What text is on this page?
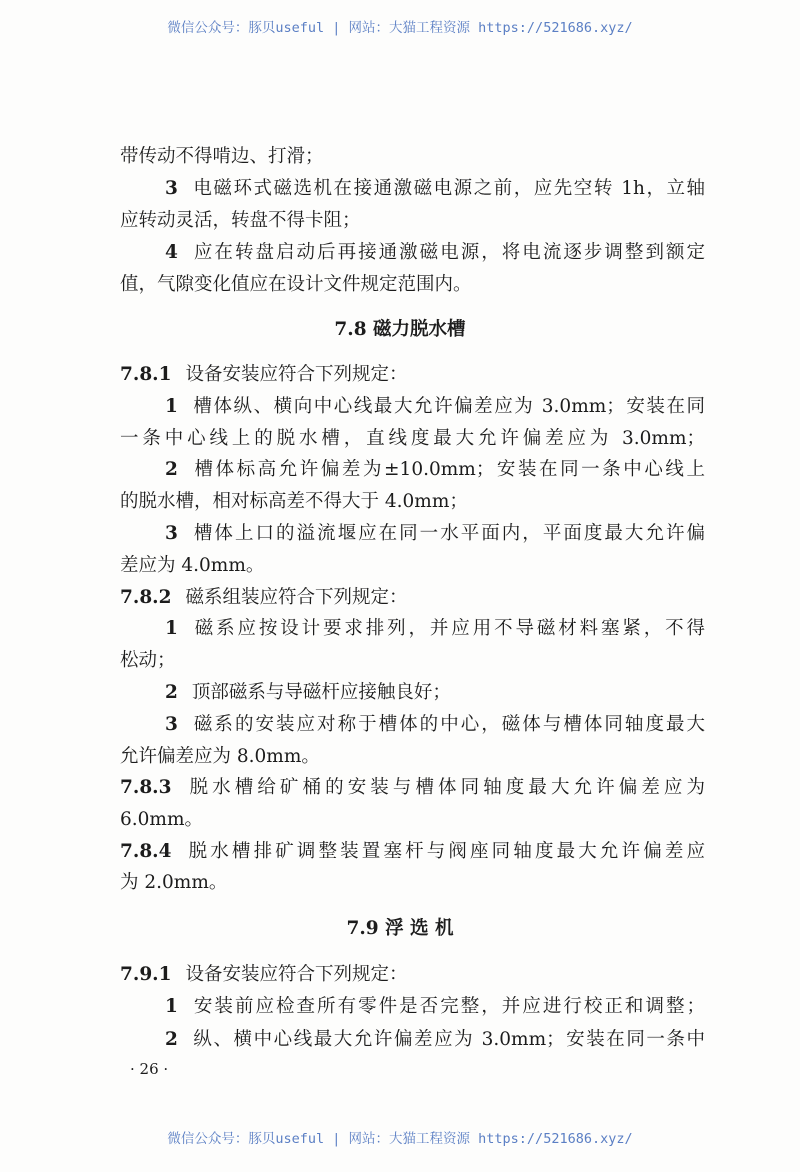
微信公众号：豚贝useful | 网站：大猫工程资源 https://521686.xyz/
带传动不得啃边、打滑；
3 电磁环式磁选机在接通激磁电源之前，应先空转 1h，立轴
应转动灵活，转盘不得卡阻；
4 应在转盘启动后再接通激磁电源，将电流逐步调整到额定
值，气隙变化值应在设计文件规定范围内。
7.8 磁力脱水槽
7.8.1 设备安装应符合下列规定：
1 槽体纵、横向中心线最大允许偏差应为 3.0mm；安装在同
一条中心线上的脱水槽，直线度最大允许偏差应为 3.0mm；
2 槽体标高允许偏差为±10.0mm；安装在同一条中心线上
的脱水槽，相对标高差不得大于 4.0mm；
3 槽体上口的溢流堰应在同一水平面内，平面度最大允许偏
差应为 4.0mm。
7.8.2 磁系组装应符合下列规定：
1 磁系应按设计要求排列，并应用不导磁材料塞紧，不得
松动；
2 顶部磁系与导磁杆应接触良好；
3 磁系的安装应对称于槽体的中心，磁体与槽体同轴度最大
允许偏差应为 8.0mm。
7.8.3 脱水槽给矿桶的安装与槽体同轴度最大允许偏差应为
6.0mm。
7.8.4 脱水槽排矿调整装置塞杆与阀座同轴度最大允许偏差应
为 2.0mm。
7.9 浮 选 机
7.9.1 设备安装应符合下列规定：
1 安装前应检查所有零件是否完整，并应进行校正和调整；
2 纵、横中心线最大允许偏差应为 3.0mm；安装在同一条中
· 26 ·
微信公众号：豚贝useful | 网站：大猫工程资源 https://521686.xyz/
